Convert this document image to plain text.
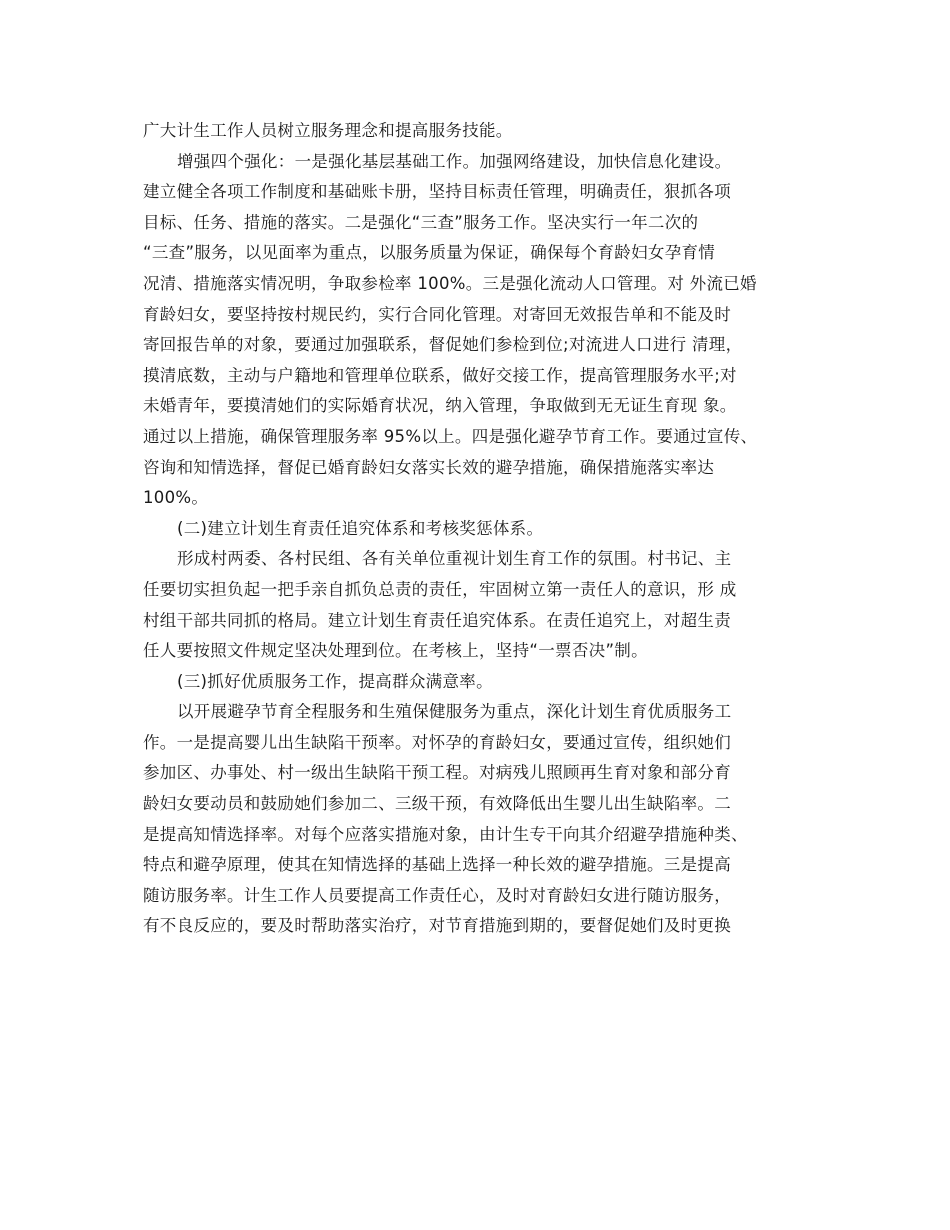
广大计生工作人员树立服务理念和提高服务技能。
增强四个强化：一是强化基层基础工作。加强网络建设，加快信息化建设。
建立健全各项工作制度和基础账卡册，坚持目标责任管理，明确责任，狠抓各项
目标、任务、措施的落实。二是强化“三查”服务工作。坚决实行一年二次的
“三查”服务，以见面率为重点，以服务质量为保证，确保每个育龄妇女孕育情
况清、措施落实情况明，争取参检率 100%。三是强化流动人口管理。对 外流已婚
育龄妇女，要坚持按村规民约，实行合同化管理。对寄回无效报告单和不能及时
寄回报告单的对象，要通过加强联系，督促她们参检到位;对流进人口进行 清理，
摸清底数，主动与户籍地和管理单位联系，做好交接工作，提高管理服务水平;对
未婚青年，要摸清她们的实际婚育状况，纳入管理，争取做到无无证生育现 象。
通过以上措施，确保管理服务率 95%以上。四是强化避孕节育工作。要通过宣传、
咨询和知情选择，督促已婚育龄妇女落实长效的避孕措施，确保措施落实率达
100%。
(二)建立计划生育责任追究体系和考核奖惩体系。
形成村两委、各村民组、各有关单位重视计划生育工作的氛围。村书记、主
任要切实担负起一把手亲自抓负总责的责任，牢固树立第一责任人的意识，形 成
村组干部共同抓的格局。建立计划生育责任追究体系。在责任追究上，对超生责
任人要按照文件规定坚决处理到位。在考核上，坚持“一票否决”制。
(三)抓好优质服务工作，提高群众满意率。
以开展避孕节育全程服务和生殖保健服务为重点，深化计划生育优质服务工
作。一是提高婴儿出生缺陷干预率。对怀孕的育龄妇女，要通过宣传，组织她们
参加区、办事处、村一级出生缺陷干预工程。对病残儿照顾再生育对象和部分育
龄妇女要动员和鼓励她们参加二、三级干预，有效降低出生婴儿出生缺陷率。二
是提高知情选择率。对每个应落实措施对象，由计生专干向其介绍避孕措施种类、
特点和避孕原理，使其在知情选择的基础上选择一种长效的避孕措施。三是提高
随访服务率。计生工作人员要提高工作责任心，及时对育龄妇女进行随访服务，
有不良反应的，要及时帮助落实治疗，对节育措施到期的，要督促她们及时更换
